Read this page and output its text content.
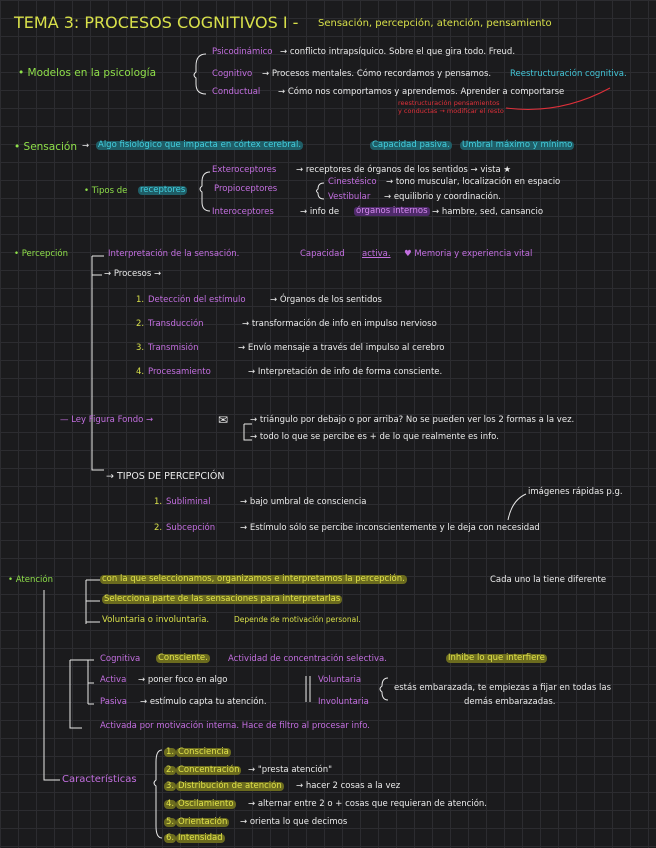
TEMA 3: PROCESOS COGNITIVOS I - Sensación, percepción, atención, pensamiento
• Modelos en la psicología
Psicodinámico → conflicto intrapsíquico. Sobre el que gira todo. Freud.
Cognitivo → Procesos mentales. Cómo recordamos y pensamos. Reestructuración cognitiva.
Conductual → Cómo nos comportamos y aprendemos. Aprender a comportarse
reestructuración pensamientos
y conductas → modificar el resto
• Sensación → Algo fisiológico que impacta en córtex cerebral.	Capacidad pasiva. Umbral máximo y mínimo
• Tipos de receptores
Exteroceptores → receptores de órganos de los sentidos → vista ★
Propioceptores
Cinestésico → tono muscular, localización en espacio
Vestibular → equilibrio y coordinación.
Interoceptores	→ info de órganos internos → hambre, sed, cansancio
• Percepción	Interpretación de la sensación.	Capacidad activa. ♥ Memoria y experiencia vital
→ Procesos →
1. Detección del estímulo	→ Órganos de los sentidos
2. Transducción	→ transformación de info en impulso nervioso
3. Transmisión	→ Envío mensaje a través del impulso al cerebro
4. Procesamiento	→ Interpretación de info de forma consciente.
— Ley Figura Fondo →	✉	→ triángulo por debajo o por arriba? No se pueden ver los 2 formas a la vez.
→ todo lo que se percibe es + de lo que realmente es info.
→ TIPOS DE PERCEPCIÓN
1. Subliminal	→ bajo umbral de consciencia
2. Subcepción	→ Estímulo sólo se percibe inconscientemente y le deja con necesidad
imágenes rápidas p.g.
• Atención	con la que seleccionamos, organizamos e interpretamos la percepción.	Cada uno la tiene diferente
Selecciona parte de las sensaciones para interpretarlas
Voluntaria o involuntaria.	Depende de motivación personal.
Cognitiva Consciente. Actividad de concentración selectiva.	Inhibe lo que interfiere
Activa → poner foco en algo
Pasiva → estímulo capta tu atención.
Voluntaria
Involuntaria
estás embarazada, te empiezas a fijar en todas las
demás embarazadas.
Activada por motivación interna. Hace de filtro al procesar info.
Características
1. Consciencia
2. Concentración → "presta atención"
3. Distribución de atención → hacer 2 cosas a la vez
4. Oscilamiento → alternar entre 2 o + cosas que requieran de atención.
5. Orientación → orienta lo que decimos
6. Intensidad
